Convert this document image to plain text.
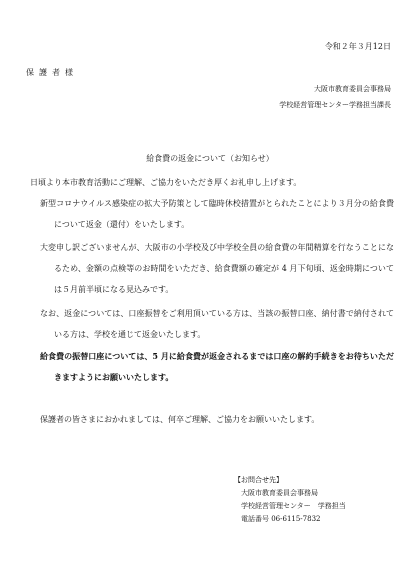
令和２年３月12日
保護者様
大阪市教育委員会事務局
学校経営管理センター学務担当課長
給食費の返金について（お知らせ）
日頃より本市教育活動にご理解、ご協力をいただき厚くお礼申し上げます。
新型コロナウイルス感染症の拡大予防策として臨時休校措置がとられたことにより３月分の給食費について返金（還付）をいたします。
大変申し訳ございませんが、大阪市の小学校及び中学校全員の給食費の年間精算を行なうことになるため、金額の点検等のお時間をいただき、給食費額の確定が 4 月下旬頃、返金時期については５月前半頃になる見込みです。
なお、返金については、口座振替をご利用頂いている方は、当該の振替口座、納付書で納付されている方は、学校を通じて返金いたします。
給食費の振替口座については、5 月に給食費が返金されるまでは口座の解約手続きをお待ちいただきますようにお願いいたします。
保護者の皆さまにおかれましては、何卒ご理解、ご協力をお願いいたします。
【お問合せ先】
大阪市教育委員会事務局
学校経営管理センター　学務担当
電話番号 06-6115-7832
